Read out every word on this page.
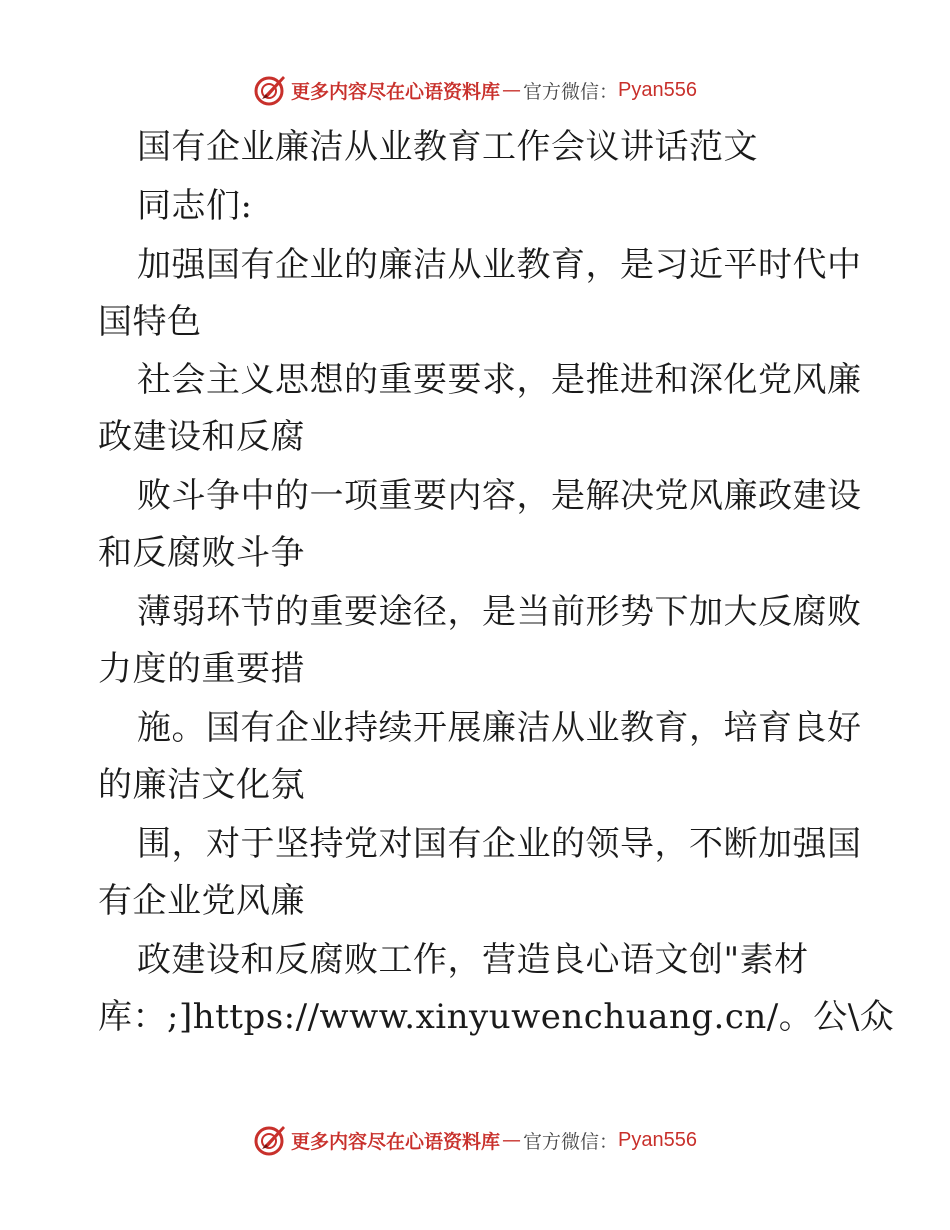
更多内容尽在心语资料库 — 官方微信： Pyan556
国有企业廉洁从业教育工作会议讲话范文
同志们:
加强国有企业的廉洁从业教育，是习近平时代中
国特色
社会主义思想的重要要求，是推进和深化党风廉
政建设和反腐
败斗争中的一项重要内容，是解决党风廉政建设
和反腐败斗争
薄弱环节的重要途径，是当前形势下加大反腐败
力度的重要措
施。国有企业持续开展廉洁从业教育，培育良好
的廉洁文化氛
围，对于坚持党对国有企业的领导，不断加强国
有企业党风廉
政建设和反腐败工作，营造良心语文创"素材
库：;]https://www.xinyuwenchuang.cn/。公\众
更多内容尽在心语资料库 — 官方微信： Pyan556
